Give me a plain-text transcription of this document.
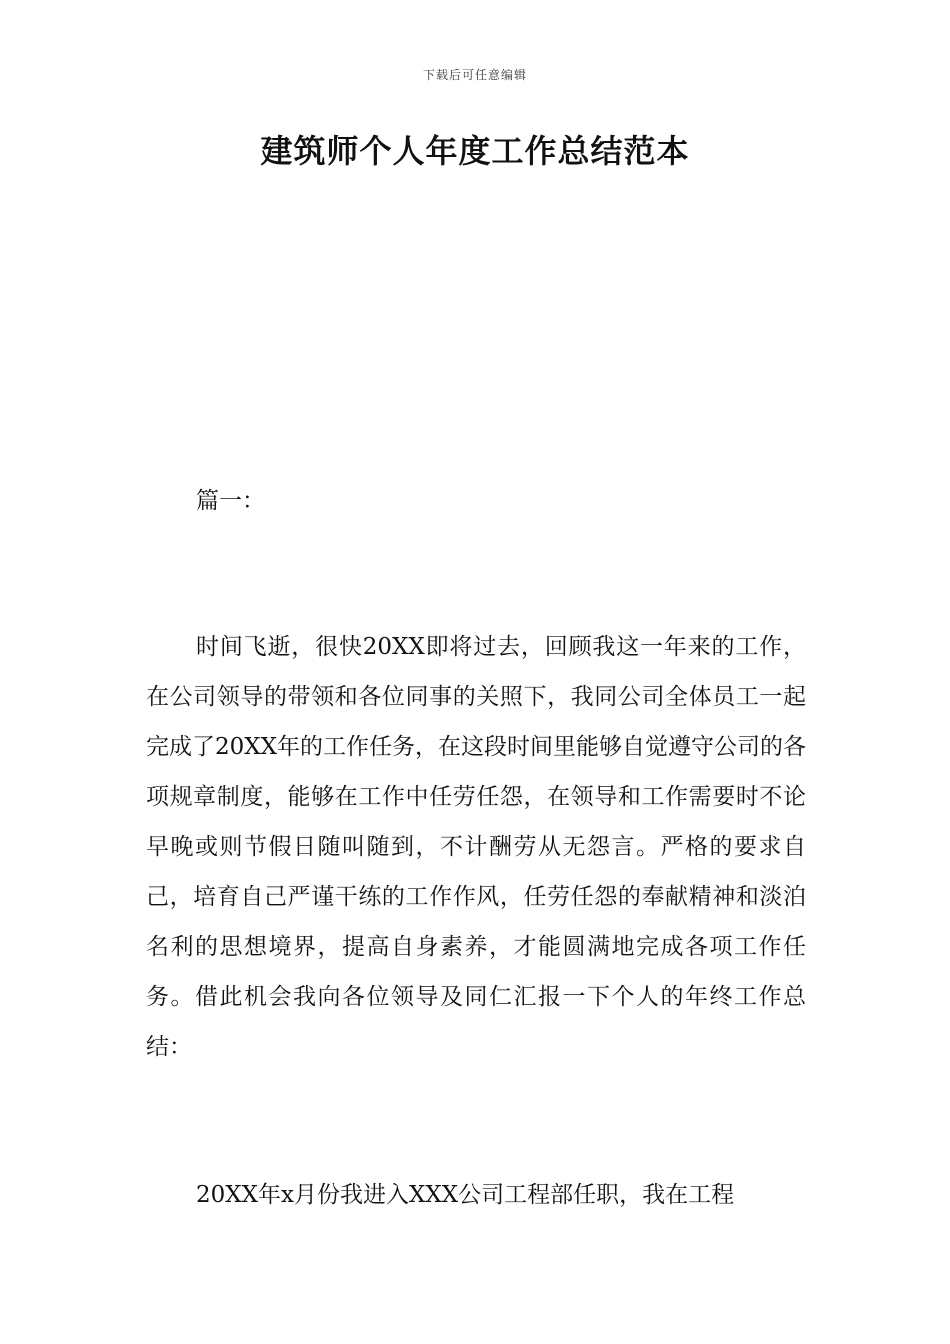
下载后可任意编辑
建筑师个人年度工作总结范本
篇一：

时间飞逝，很快20XX即将过去，回顾我这一年来的工作，在公司领导的带领和各位同事的关照下，我同公司全体员工一起完成了20XX年的工作任务，在这段时间里能够自觉遵守公司的各项规章制度，能够在工作中任劳任怨，在领导和工作需要时不论早晚或则节假日随叫随到，不计酬劳从无怨言。严格的要求自己，培育自己严谨干练的工作作风，任劳任怨的奉献精神和淡泊名利的思想境界，提高自身素养，才能圆满地完成各项工作任务。借此机会我向各位领导及同仁汇报一下个人的年终工作总结：

20XX年x月份我进入XXX公司工程部任职，我在工程
